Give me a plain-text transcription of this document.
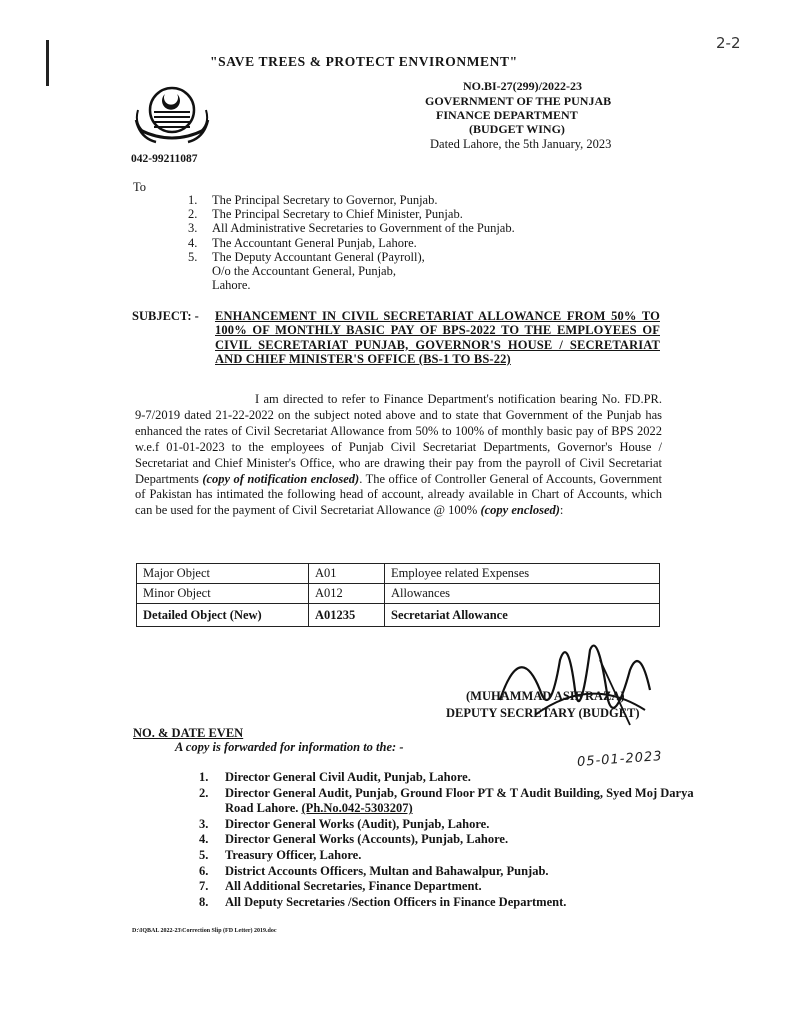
"SAVE TREES & PROTECT ENVIRONMENT"
2-2
042-99211087
NO.BI-27(299)/2022-23
GOVERNMENT OF THE PUNJAB
FINANCE DEPARTMENT
(BUDGET WING)
Dated Lahore, the 5th January, 2023
To
1. The Principal Secretary to Governor, Punjab.
2. The Principal Secretary to Chief Minister, Punjab.
3. All Administrative Secretaries to Government of the Punjab.
4. The Accountant General Punjab, Lahore.
5. The Deputy Accountant General (Payroll),
O/o the Accountant General, Punjab,
Lahore.
SUBJECT: - ENHANCEMENT IN CIVIL SECRETARIAT ALLOWANCE FROM 50% TO 100% OF MONTHLY BASIC PAY OF BPS-2022 TO THE EMPLOYEES OF CIVIL SECRETARIAT PUNJAB, GOVERNOR'S HOUSE / SECRETARIAT AND CHIEF MINISTER'S OFFICE (BS-1 TO BS-22)
I am directed to refer to Finance Department's notification bearing No. FD.PR. 9-7/2019 dated 21-22-2022 on the subject noted above and to state that Government of the Punjab has enhanced the rates of Civil Secretariat Allowance from 50% to 100% of monthly basic pay of BPS 2022 w.e.f 01-01-2023 to the employees of Punjab Civil Secretariat Departments, Governor's House / Secretariat and Chief Minister's Office, who are drawing their pay from the payroll of Civil Secretariat Departments (copy of notification enclosed). The office of Controller General of Accounts, Government of Pakistan has intimated the following head of account, already available in Chart of Accounts, which can be used for the payment of Civil Secretariat Allowance @ 100% (copy enclosed):
Major Object	A01	Employee related Expenses
Minor Object	A012	Allowances
Detailed Object (New)	A01235	Secretariat Allowance
(MUHAMMAD ASIF RAZA)
DEPUTY SECRETARY (BUDGET)
NO. & DATE EVEN
A copy is forwarded for information to the: -
05-01-2023
1. Director General Civil Audit, Punjab, Lahore.
2. Director General Audit, Punjab, Ground Floor PT & T Audit Building, Syed Moj Darya Road Lahore. (Ph.No.042-5303207)
3. Director General Works (Audit), Punjab, Lahore.
4. Director General Works (Accounts), Punjab, Lahore.
5. Treasury Officer, Lahore.
6. District Accounts Officers, Multan and Bahawalpur, Punjab.
7. All Additional Secretaries, Finance Department.
8. All Deputy Secretaries /Section Officers in Finance Department.
D:\IQBAL 2022-23\Correction Slip (FD Letter) 2019.doc
